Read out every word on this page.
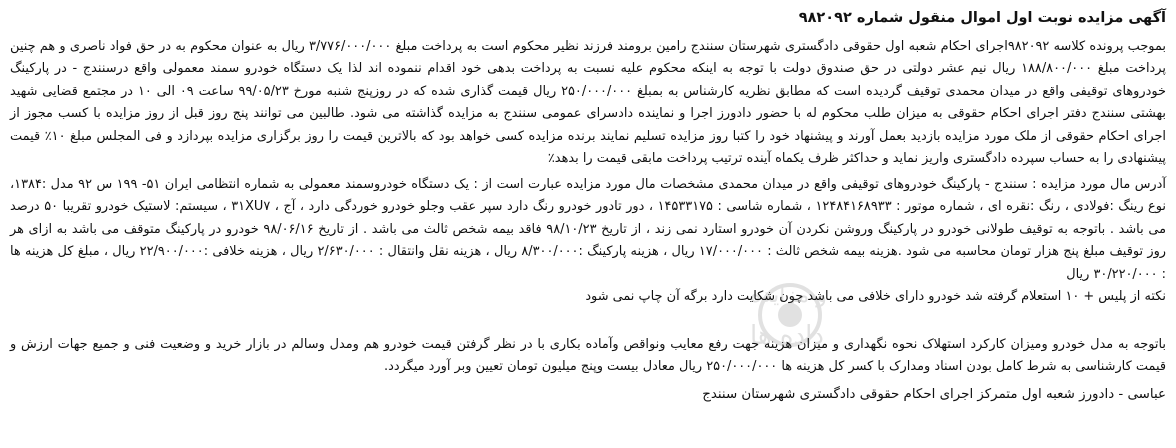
آگهی مزایده نوبت اول اموال منقول شماره ۹۸۲۰۹۲

بموجب پرونده کلاسه ۹۸۲۰۹۲اجرای احکام شعبه اول حقوقی دادگستری شهرستان سنندج رامین برومند فرزند نظیر محکوم است به پرداخت مبلغ ۳/۷۷۶/۰۰۰/۰۰۰ ریال به عنوان محکوم به در حق فواد ناصری و هم چنین پرداخت مبلغ ۱۸۸/۸۰۰/۰۰۰ ریال نیم عشر دولتی در حق صندوق دولت با توجه به اینکه محکوم علیه نسبت به پرداخت بدهی خود اقدام ننموده اند لذا یک دستگاه خودرو سمند معمولی واقع درسنندج - در پارکینگ خودروهای توقیفی واقع در میدان محمدی توقیف گردیده است که مطابق نظریه کارشناس به بمبلغ ۲۵۰/۰۰۰/۰۰۰ ریال قیمت گذاری شده که در روزپنج شنبه مورخ ۹۹/۰۵/۲۳ ساعت ۰۹ الی ۱۰ در مجتمع قضایی شهید بهشتی سنندج دفتر اجرای احکام حقوقی به میزان طلب محکوم له با حضور دادورز اجرا و نماینده دادسرای عمومی سنندج به مزایده گذاشته می شود. طالبین می توانند پنج روز قبل از روز مزایده با کسب مجوز از اجرای احکام حقوقی از ملک مورد مزایده بازدید بعمل آورند و پیشنهاد خود را کتبا روز مزایده تسلیم نمایند برنده مزایده کسی خواهد بود که بالاترین قیمت را روز برگزاری مزایده بپردازد و فی المجلس مبلغ ۱۰٪ قیمت پیشنهادی را به حساب سپرده دادگستری واریز نماید و حداکثر ظرف یکماه آینده ترتیب پرداخت مابقی قیمت را بدهد٪

آدرس مال مورد مزایده : سنندج - پارکینگ خودروهای توقیفی واقع در میدان محمدی مشخصات مال مورد مزایده عبارت است از : یک دستگاه خودروسمند معمولی به شماره انتظامی ایران ۵۱- ۱۹۹ س ۹۲ مدل :۱۳۸۴، نوع رینگ :فولادی ، رنگ :نقره ای ، شماره موتور : ۱۲۴۸۴۱۶۸۹۳۳ ، شماره شاسی : ۱۴۵۳۳۱۷۵ ، دور تادور خودرو رنگ دارد سپر عقب وجلو خودرو خوردگی دارد ، آج ، ۳۱XU۷ ، سیستم: لاستیک خودرو تقریبا ۵۰ درصد می باشد . باتوجه به توقیف طولانی خودرو در پارکینگ وروشن نکردن آن خودرو استارد نمی زند ، از تاریخ ۹۸/۱۰/۲۳ فاقد بیمه شخص ثالث می باشد . از تاریخ ۹۸/۰۶/۱۶ خودرو در پارکینگ متوقف می باشد به ازای هر روز توقیف مبلغ پنج هزار تومان محاسبه می شود .هزینه بیمه شخص ثالث : ۱۷/۰۰۰/۰۰۰ ریال ، هزینه پارکینگ :۸/۳۰۰/۰۰۰ ریال ، هزینه نقل وانتقال : ۲/۶۳۰/۰۰۰ ریال ، هزینه خلافی :۲۲/۹۰۰/۰۰۰ ریال ، مبلغ کل هزینه ها : ۳۰/۲۲۰/۰۰۰ ریال

نکته از پلیس + ۱۰ استعلام گرفته شد خودرو دارای خلافی می باشد چون شکایت دارد برگه آن چاپ نمی شود

باتوجه به مدل خودرو ومیزان کارکرد استهلاک نحوه نگهداری و میزان هزینه جهت رفع معایب ونواقص وآماده بکاری با در نظر گرفتن قیمت خودرو هم ومدل وسالم در بازار خرید و وضعیت فنی و جمیع جهات ارزش و قیمت کارشناسی به شرط کامل بودن اسناد ومدارک با کسر کل هزینه ها ۲۵۰/۰۰۰/۰۰۰ ریال معادل بیست وپنج میلیون تومان تعیین وبر آورد میگردد.

عباسی - دادورز شعبه اول متمرکز اجرای احکام حقوقی دادگستری شهرستان سنندج
و مزایده
داده ها
